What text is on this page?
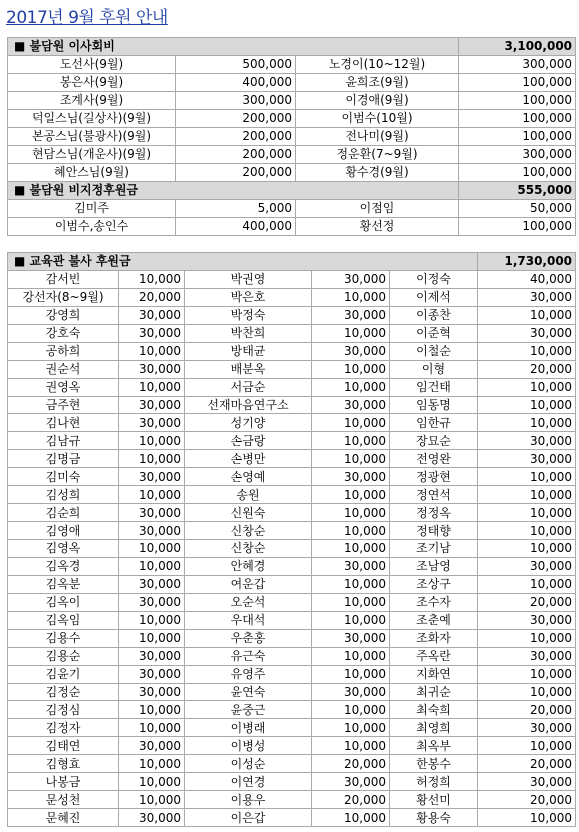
2017년 9월 후원 안내
■ 불담원 이사회비			3,100,000
도선사(9월)	500,000	노경이(10~12월)	300,000
봉은사(9월)	400,000	윤희조(9월)	100,000
조계사(9월)	300,000	이경애(9월)	100,000
덕일스님(길상사)(9월)	200,000	이범수(10월)	100,000
본공스님(불광사)(9월)	200,000	전나미(9월)	100,000
현담스님(개운사)(9월)	200,000	정운환(7~9월)	300,000
혜안스님(9월)	200,000	황수경(9월)	100,000
■ 불담원 비지정후원금			555,000
김미주	5,000	이점임	50,000
이범수,송인수	400,000	황선정	100,000
■ 교육관 불사 후원금					1,730,000
감서빈	10,000	박권영	30,000	이정숙	40,000
강선자(8~9월)	20,000	박은호	10,000	이제석	30,000
강영희	30,000	박정숙	30,000	이종찬	10,000
강호숙	30,000	박찬희	10,000	이준혁	30,000
공하희	10,000	방태균	30,000	이철순	10,000
권순석	30,000	배분옥	10,000	이형	20,000
권영옥	10,000	서금순	10,000	임건태	10,000
금주현	30,000	선재마음연구소	30,000	임동명	10,000
김나현	30,000	성기양	10,000	임한규	10,000
김남규	10,000	손금랑	10,000	장묘순	30,000
김명금	10,000	손병만	10,000	전영완	30,000
김미숙	30,000	손영예	30,000	정광현	10,000
김성희	10,000	송원	10,000	정연석	10,000
김순희	30,000	신원숙	10,000	정정옥	10,000
김영애	30,000	신창순	10,000	정태향	10,000
김영옥	10,000	신창순	10,000	조기남	10,000
김옥경	10,000	안혜경	30,000	조남영	30,000
김옥분	30,000	여운갑	10,000	조상구	10,000
김옥이	30,000	오순석	10,000	조수자	20,000
김옥임	10,000	우대석	10,000	조춘예	30,000
김용수	10,000	우춘홍	30,000	조화자	10,000
김용순	30,000	유근숙	10,000	주옥란	30,000
김윤기	30,000	유영주	10,000	지화연	10,000
김정순	30,000	윤연숙	30,000	최귀순	10,000
김정심	10,000	윤중근	10,000	최숙희	20,000
김정자	10,000	이병래	10,000	최영희	30,000
김태연	30,000	이병성	10,000	최옥부	10,000
김형효	10,000	이성순	20,000	한봉수	20,000
나봉금	10,000	이연경	30,000	허정희	30,000
문성천	10,000	이용우	20,000	황선미	20,000
문혜진	30,000	이은갑	10,000	황용숙	10,000
